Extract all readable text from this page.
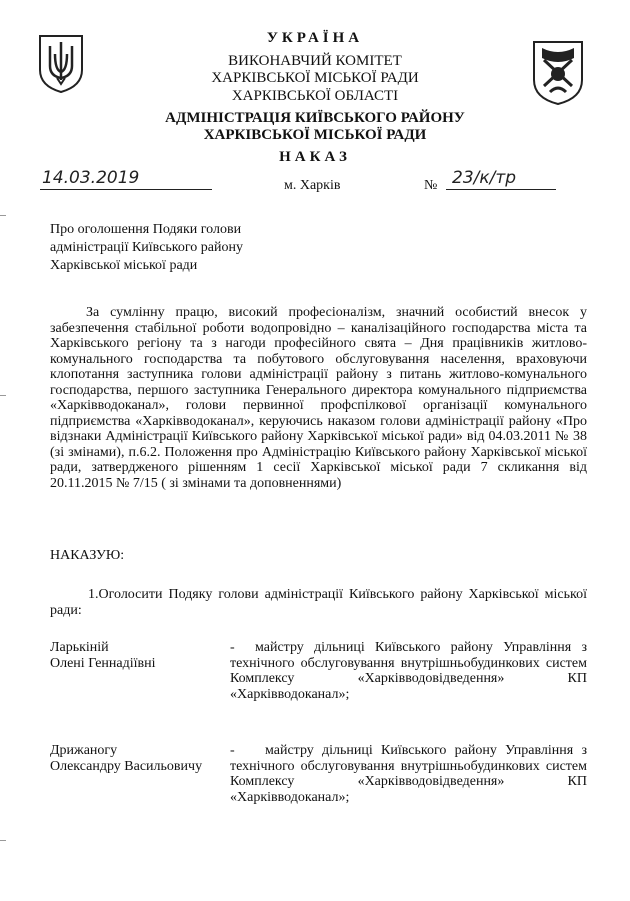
УКРАЇНА
ВИКОНАВЧИЙ КОМІТЕТ
ХАРКІВСЬКОЇ МІСЬКОЇ РАДИ
ХАРКІВСЬКОЇ ОБЛАСТІ
АДМІНІСТРАЦІЯ КИЇВСЬКОГО РАЙОНУ
ХАРКІВСЬКОЇ МІСЬКОЇ РАДИ
НАКАЗ
14.03.2019	м. Харків	№ 23/к/тр
Про оголошення Подяки голови
адміністрації Київського району
Харківської міської ради
За сумлінну працю, високий професіоналізм, значний особистий внесок у забезпечення стабільної роботи водопровідно – каналізаційного господарства міста та Харківського регіону та з нагоди професійного свята – Дня працівників житлово-комунального господарства та побутового обслуговування населення, враховуючи клопотання заступника голови адміністрації району з питань житлово-комунального господарства, першого заступника Генерального директора комунального підприємства «Харківводоканал», голови первинної профспілкової організації комунального підприємства «Харківводоканал», керуючись наказом голови адміністрації району «Про відзнаки Адміністрації Київського району Харківської міської ради» від 04.03.2011 № 38 (зі змінами), п.6.2. Положення про Адміністрацію Київського району Харківської міської ради, затвердженого рішенням 1 сесії Харківської міської ради 7 скликання від 20.11.2015 № 7/15 ( зі змінами та доповненнями)
НАКАЗУЮ:
1.Оголосити Подяку голови адміністрації Київського району Харківської міської ради:
Ларькіній
Олені Геннадіївні
-	майстру дільниці Київського району Управління з технічного обслуговування внутрішньобудинкових систем Комплексу «Харківводовідведення» КП «Харківводоканал»;
Дрижаногу
Олександру Васильовичу
-	майстру дільниці Київського району Управління з технічного обслуговування внутрішньобудинкових систем Комплексу «Харківводовідведення» КП «Харківводоканал»;
